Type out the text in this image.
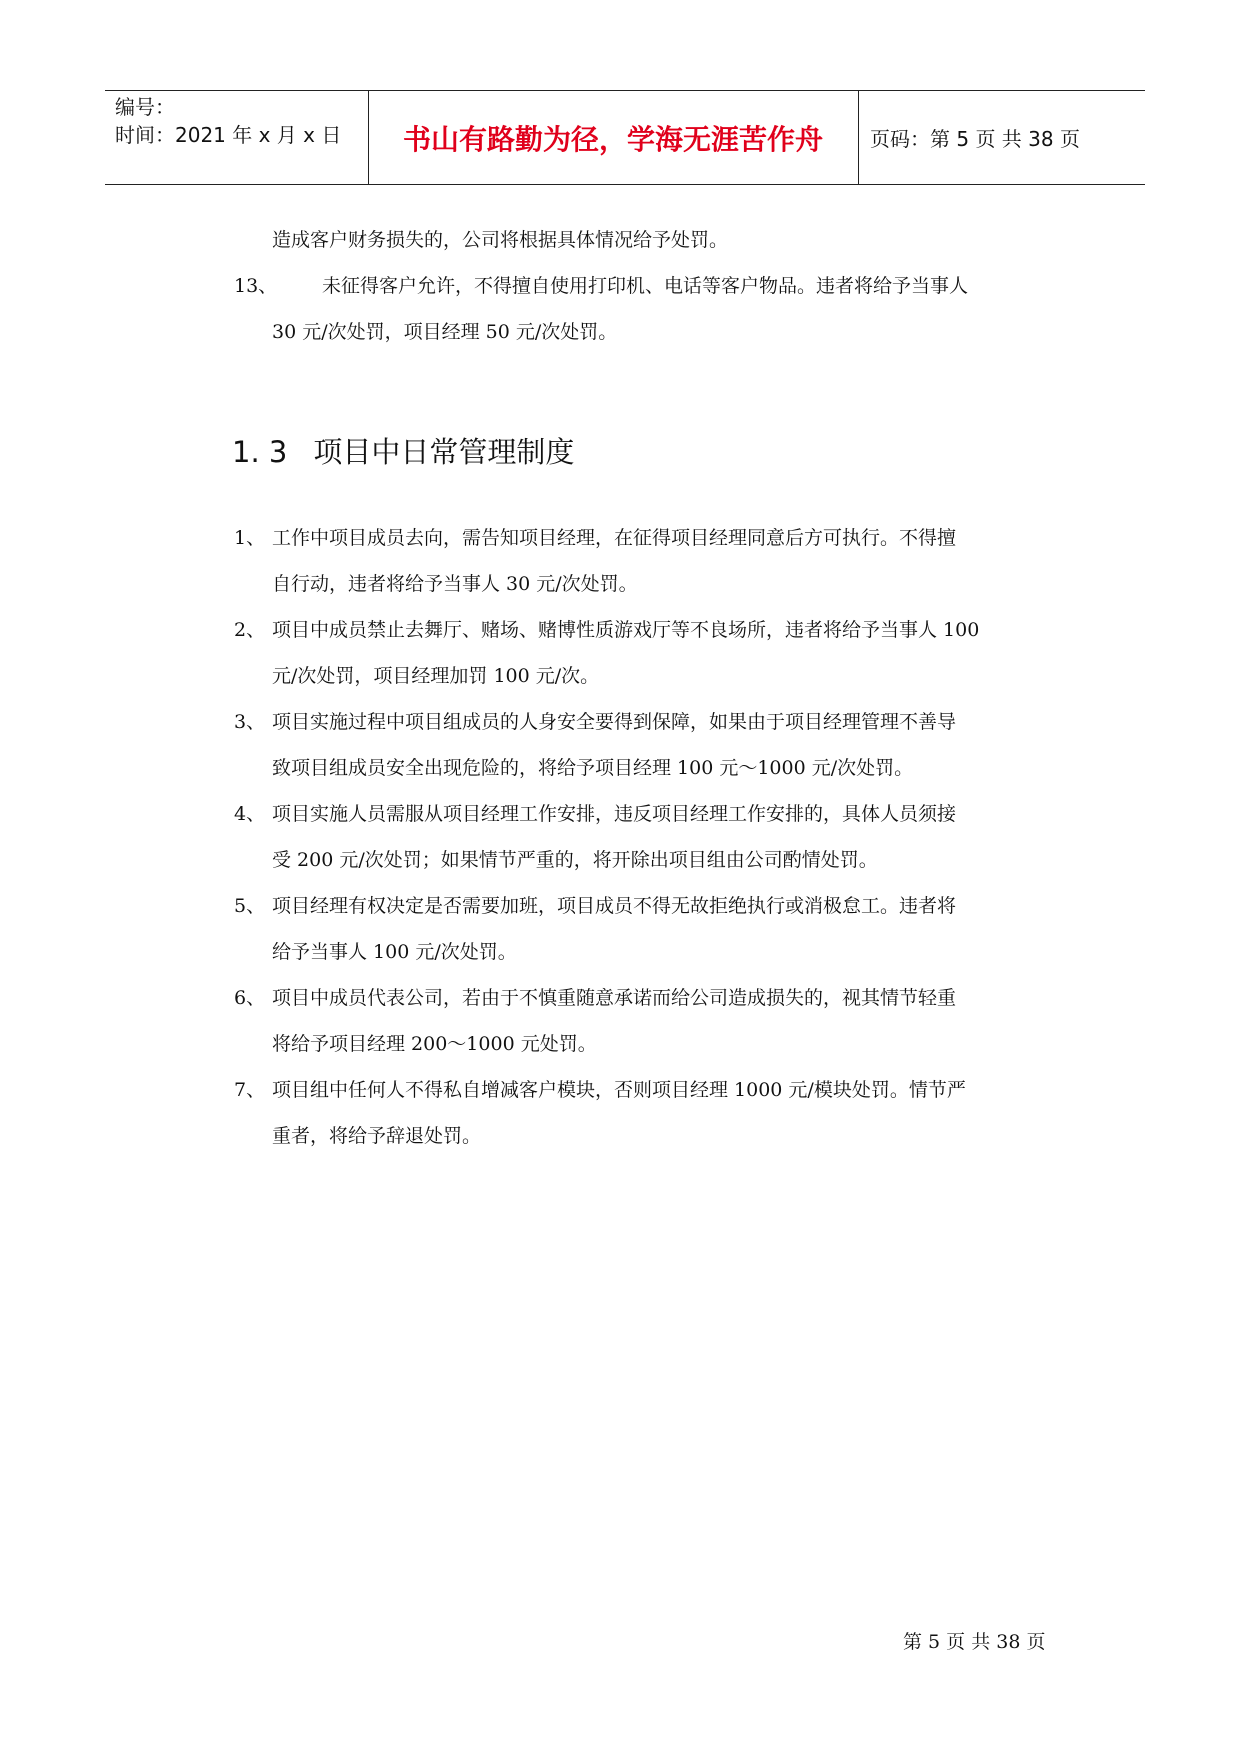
编号：
时间：2021 年 x 月 x 日	书山有路勤为径，学海无涯苦作舟	页码：第 5 页 共 38 页
造成客户财务损失的，公司将根据具体情况给予处罚。
13、 未征得客户允许，不得擅自使用打印机、电话等客户物品。违者将给予当事人
30 元/次处罚，项目经理 50 元/次处罚。
1. 3 项目中日常管理制度
1、 工作中项目成员去向，需告知项目经理，在征得项目经理同意后方可执行。不得擅
自行动，违者将给予当事人 30 元/次处罚。
2、 项目中成员禁止去舞厅、赌场、赌博性质游戏厅等不良场所，违者将给予当事人 100
元/次处罚，项目经理加罚 100 元/次。
3、 项目实施过程中项目组成员的人身安全要得到保障，如果由于项目经理管理不善导
致项目组成员安全出现危险的，将给予项目经理 100 元～1000 元/次处罚。
4、 项目实施人员需服从项目经理工作安排，违反项目经理工作安排的，具体人员须接
受 200 元/次处罚；如果情节严重的，将开除出项目组由公司酌情处罚。
5、 项目经理有权决定是否需要加班，项目成员不得无故拒绝执行或消极怠工。违者将
给予当事人 100 元/次处罚。
6、 项目中成员代表公司，若由于不慎重随意承诺而给公司造成损失的，视其情节轻重
将给予项目经理 200～1000 元处罚。
7、 项目组中任何人不得私自增减客户模块，否则项目经理 1000 元/模块处罚。情节严
重者，将给予辞退处罚。
第 5 页 共 38 页
